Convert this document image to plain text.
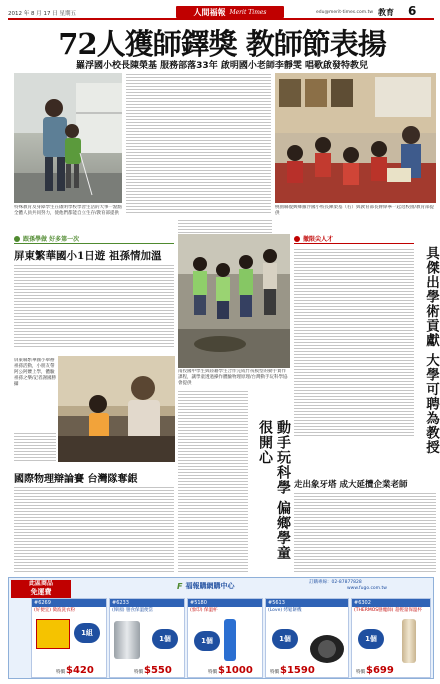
2012 年 8 月 17 日 星期五	人間福報 Merit Times	edu@merit-times.com.tw 教育 6
72人獲師鐸獎 教師節表揚
羅浮國小校長陳榮基 服務部落33年 啟明國小老師李靜雯 唱歌啟發特教兒
特殊教育及身障學生在啟明學校學習生活的大事一點點全體人員共同努力，使他們都能自立生存/教育部提供
桃園縣復興鄉羅浮國小校長陳榮基（右）與教育部長蔣偉寧一起逛校園/教育部提供
跟孫學做 好多第一次
屏東繁華國小1日遊 祖孫情加溫
屏東縣繁華國小舉辦祖孫活動，小朋友帶阿公阿嬤上學，體驗祖孫之樂/記者謝國勝攝
國際物理辯論賽 台灣隊奪銀
南投國中學生與陸籍學生合作完成竹筏模型的動手實作課程，讓學童透過操作體驗物理原理/台灣動手玩科學協會提供
動手玩科學 偏鄉學童很開心
撤限尖人才
具傑出學術貢獻 大學可聘為教授
走出象牙塔 成大延攬企業老師
此區商品
免運費
F 福報購網購中心	訂購專線：02-87877828
www.fugo.com.tw
#6269
(好便宜) 微波洗衣粉
1組
特價 $420
#6233
(韓國) 膳食保溫便當
1個
特價 $550
#5180
(象印) 保溫杯
1個
特價 $1000
#5613
(Love) 烤鬆餅機
1個
特價 $1590
#6302
(THERMOS膳魔師) 超輕量保溫杯
1個
特價 $699
